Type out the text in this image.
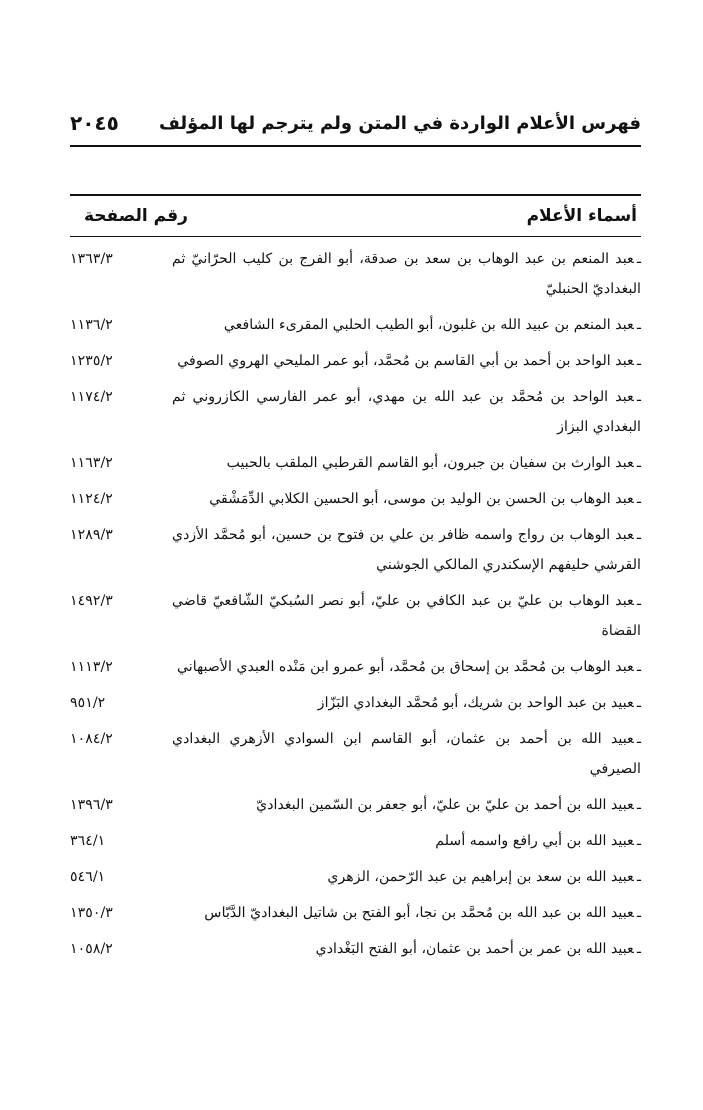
فهرس الأعلام الواردة في المتن ولم يترجم لها المؤلف
٢٠٤٥
أسماء الأعلام
رقم الصفحة
ـعبد المنعم بن عبد الوهاب بن سعد بن صدقة، أبو الفرج بن كليب الحرّانيّ ثم البغداديّ الحنبليّ
١٣٦٣/٣
ـعبد المنعم بن عبيد الله بن غلبون، أبو الطيب الحلبي المقرىء الشافعي
١١٣٦/٢
ـعبد الواحد بن أحمد بن أبي القاسم بن مُحمَّد، أبو عمر المليحي الهروي الصوفي
١٢٣٥/٢
ـعبد الواحد بن مُحمَّد بن عبد الله بن مهدي، أبو عمر الفارسي الكازروني ثم البغدادي البزاز
١١٧٤/٢
ـعبد الوارث بن سفيان بن جبرون، أبو القاسم القرطبي الملقب بالحبيب
١١٦٣/٢
ـعبد الوهاب بن الحسن بن الوليد بن موسى، أبو الحسين الكلابي الدِّمَشْقي
١١٢٤/٢
ـعبد الوهاب بن رواج واسمه ظافر بن علي بن فتوح بن حسين، أبو مُحمَّد الأزدي القرشي حليفهم الإسكندري المالكي الجوشني
١٢٨٩/٣
ـعبد الوهاب بن عليّ بن عبد الكافي بن عليّ، أبو نصر السُبكيّ الشّافعيّ قاضي القضاة
١٤٩٢/٣
ـعبد الوهاب بن مُحمَّد بن إسحاق بن مُحمَّد، أبو عمرو ابن مَنْده العبدي الأصبهاني
١١١٣/٢
ـعبيد بن عبد الواحد بن شريك، أبو مُحمَّد البغدادي البَزّاز
٩٥١/٢
ـعبيد الله بن أحمد بن عثمان، أبو القاسم ابن السوادي الأزهري البغدادي الصيرفي
١٠٨٤/٢
ـعبيد الله بن أحمد بن عليّ بن عليّ، أبو جعفر بن السّمين البغداديّ
١٣٩٦/٣
ـعبيد الله بن أبي رافع واسمه أسلم
٣٦٤/١
ـعبيد الله بن سعد بن إبراهيم بن عبد الرّحمن، الزهري
٥٤٦/١
ـعبيد الله بن عبد الله بن مُحمَّد بن نجا، أبو الفتح بن شاتيل البغداديّ الدَّبّاس
١٣٥٠/٣
ـعبيد الله بن عمر بن أحمد بن عثمان، أبو الفتح البَغْدادي
١٠٥٨/٢
